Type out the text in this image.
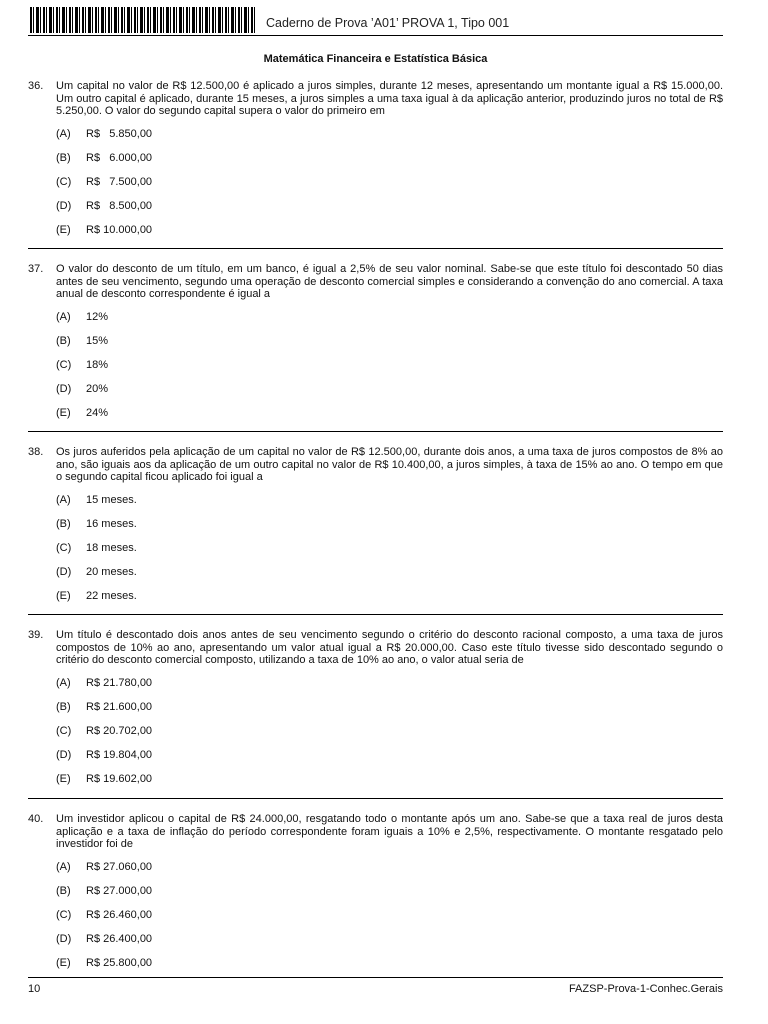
Caderno de Prova ’A01’ PROVA 1, Tipo 001
Matemática Financeira e Estatística Básica
36.	Um capital no valor de R$ 12.500,00 é aplicado a juros simples, durante 12 meses, apresentando um montante igual a R$ 15.000,00. Um outro capital é aplicado, durante 15 meses, a juros simples a uma taxa igual à da aplicação anterior, produzindo juros no total de R$ 5.250,00. O valor do segundo capital supera o valor do primeiro em
(A)	R$   5.850,00
(B)	R$   6.000,00
(C)	R$   7.500,00
(D)	R$   8.500,00
(E)	R$ 10.000,00
37.	O valor do desconto de um título, em um banco, é igual a 2,5% de seu valor nominal. Sabe-se que este título foi descontado 50 dias antes de seu vencimento, segundo uma operação de desconto comercial simples e considerando a convenção do ano comercial. A taxa anual de desconto correspondente é igual a
(A)	12%
(B)	15%
(C)	18%
(D)	20%
(E)	24%
38.	Os juros auferidos pela aplicação de um capital no valor de R$ 12.500,00, durante dois anos, a uma taxa de juros compostos de 8% ao ano, são iguais aos da aplicação de um outro capital no valor de R$ 10.400,00, a juros simples, à taxa de 15% ao ano. O tempo em que o segundo capital ficou aplicado foi igual a
(A)	15 meses.
(B)	16 meses.
(C)	18 meses.
(D)	20 meses.
(E)	22 meses.
39.	Um título é descontado dois anos antes de seu vencimento segundo o critério do desconto racional composto, a uma taxa de juros compostos de 10% ao ano, apresentando um valor atual igual a R$ 20.000,00. Caso este título tivesse sido descontado segundo o critério do desconto comercial composto, utilizando a taxa de 10% ao ano, o valor atual seria de
(A)	R$ 21.780,00
(B)	R$ 21.600,00
(C)	R$ 20.702,00
(D)	R$ 19.804,00
(E)	R$ 19.602,00
40.	Um investidor aplicou o capital de R$ 24.000,00, resgatando todo o montante após um ano. Sabe-se que a taxa real de juros desta aplicação e a taxa de inflação do período correspondente foram iguais a 10% e 2,5%, respectivamente. O montante resgatado pelo investidor foi de
(A)	R$ 27.060,00
(B)	R$ 27.000,00
(C)	R$ 26.460,00
(D)	R$ 26.400,00
(E)	R$ 25.800,00
10	FAZSP-Prova-1-Conhec.Gerais
